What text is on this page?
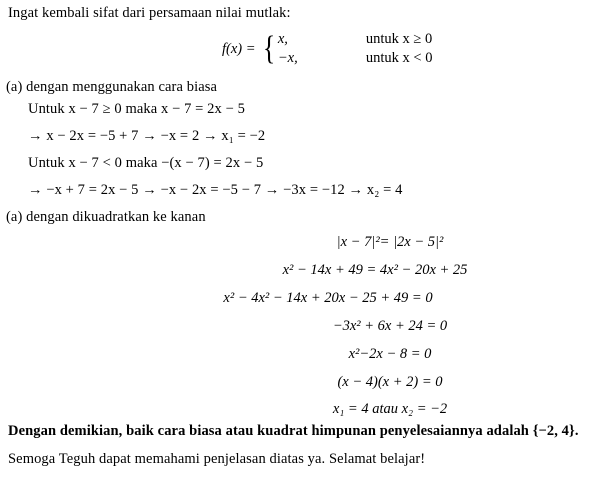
Ingat kembali sifat dari persamaan nilai mutlak:
f(x) = { x,	untuk x ≥ 0
−x,	untuk x < 0
(a) dengan menggunakan cara biasa
Untuk x − 7 ≥ 0 maka x − 7 = 2x − 5
→ x − 2x = −5 + 7 → −x = 2 → x₁ = −2
Untuk x − 7 < 0 maka −(x − 7) = 2x − 5
→ −x + 7 = 2x − 5 → −x − 2x = −5 − 7 → −3x = −12 → x₂ = 4
(a) dengan dikuadratkan ke kanan
|x − 7|²= |2x − 5|²
x² − 14x + 49 = 4x² − 20x + 25
x² − 4x² − 14x + 20x − 25 + 49 = 0
−3x² + 6x + 24 = 0
x²−2x − 8 = 0
(x − 4)(x + 2) = 0
x₁ = 4 atau x₂ = −2
Dengan demikian, baik cara biasa atau kuadrat himpunan penyelesaiannya adalah {−2, 4}.
Semoga Teguh dapat memahami penjelasan diatas ya. Selamat belajar!
